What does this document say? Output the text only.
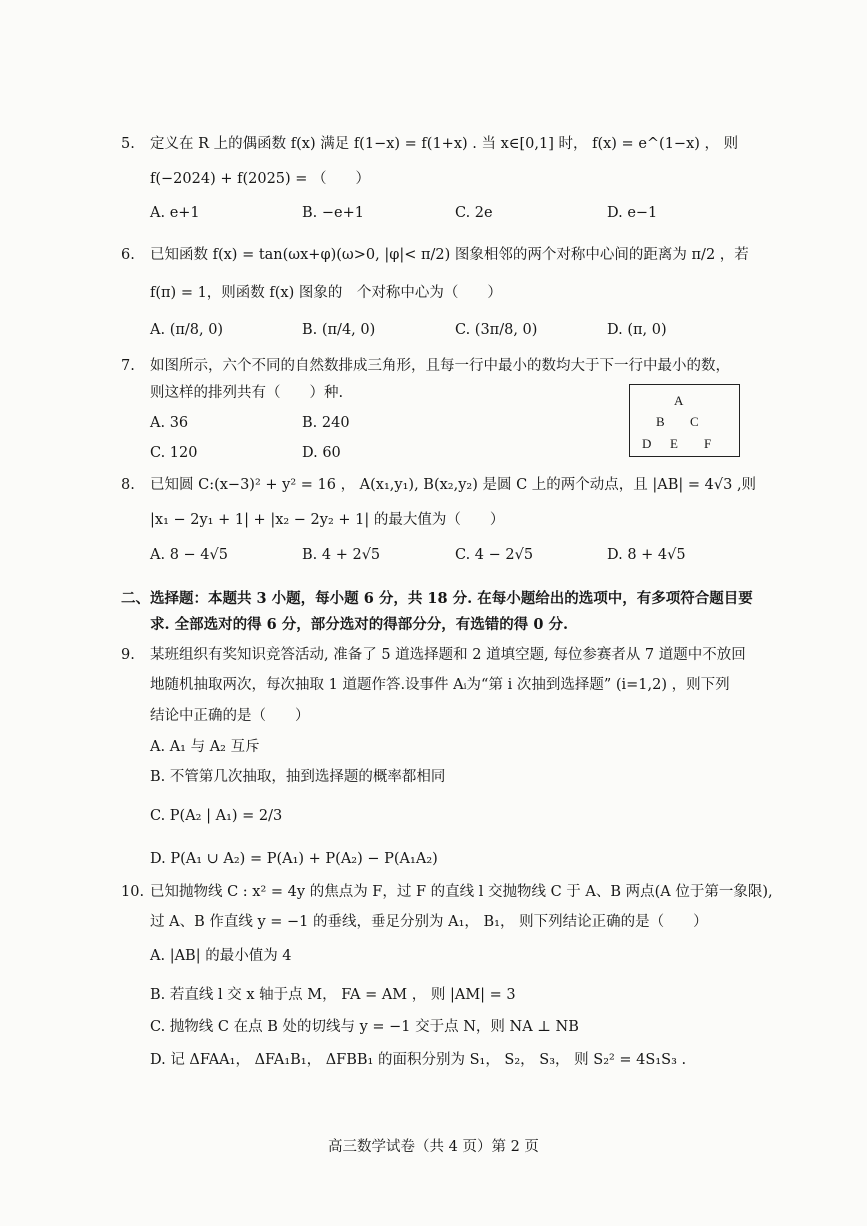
5. 定义在 R 上的偶函数 f(x) 满足 f(1−x) = f(1+x) . 当 x∈[0,1] 时， f(x) = e^(1−x) ， 则
f(−2024) + f(2025) = （　　）
A. e+1	B. −e+1	C. 2e	D. e−1
6. 已知函数 f(x) = tan(ωx+φ)(ω>0, |φ|< π/2) 图象相邻的两个对称中心间的距离为 π/2 ，若
f(π) = 1，则函数 f(x) 图象的　个对称中心为（　　）
A. (π/8, 0)	B. (π/4, 0)	C. (3π/8, 0)	D. (π, 0)
7. 如图所示，六个不同的自然数排成三角形，且每一行中最小的数均大于下一行中最小的数，
则这样的排列共有（　　）种.
A. 36	B. 240
C. 120	D. 60
A
B C
D E F
8. 已知圆 C:(x−3)² + y² = 16 ， A(x₁,y₁), B(x₂,y₂) 是圆 C 上的两个动点，且 |AB| = 4√3 ,则
|x₁ − 2y₁ + 1| + |x₂ − 2y₂ + 1| 的最大值为（　　）
A. 8 − 4√5	B. 4 + 2√5	C. 4 − 2√5	D. 8 + 4√5
二、选择题：本题共 3 小题，每小题 6 分，共 18 分. 在每小题给出的选项中，有多项符合题目要
求. 全部选对的得 6 分，部分选对的得部分分，有选错的得 0 分.
9. 某班组织有奖知识竞答活动, 准备了 5 道选择题和 2 道填空题, 每位参赛者从 7 道题中不放回
地随机抽取两次，每次抽取 1 道题作答.设事件 Aᵢ为“第 i 次抽到选择题” (i=1,2) ，则下列
结论中正确的是（　　）
A. A₁ 与 A₂ 互斥
B. 不管第几次抽取，抽到选择题的概率都相同
C. P(A₂ | A₁) = 2/3
D. P(A₁ ∪ A₂) = P(A₁) + P(A₂) − P(A₁A₂)
10. 已知抛物线 C : x² = 4y 的焦点为 F，过 F 的直线 l 交抛物线 C 于 A、B 两点(A 位于第一象限),
过 A、B 作直线 y = −1 的垂线，垂足分别为 A₁， B₁， 则下列结论正确的是（　　）
A. |AB| 的最小值为 4
B. 若直线 l 交 x 轴于点 M， FA = AM ， 则 |AM| = 3
C. 抛物线 C 在点 B 处的切线与 y = −1 交于点 N，则 NA ⊥ NB
D. 记 ΔFAA₁， ΔFA₁B₁， ΔFBB₁ 的面积分别为 S₁， S₂， S₃， 则 S₂² = 4S₁S₃ .
高三数学试卷（共 4 页）第 2 页
